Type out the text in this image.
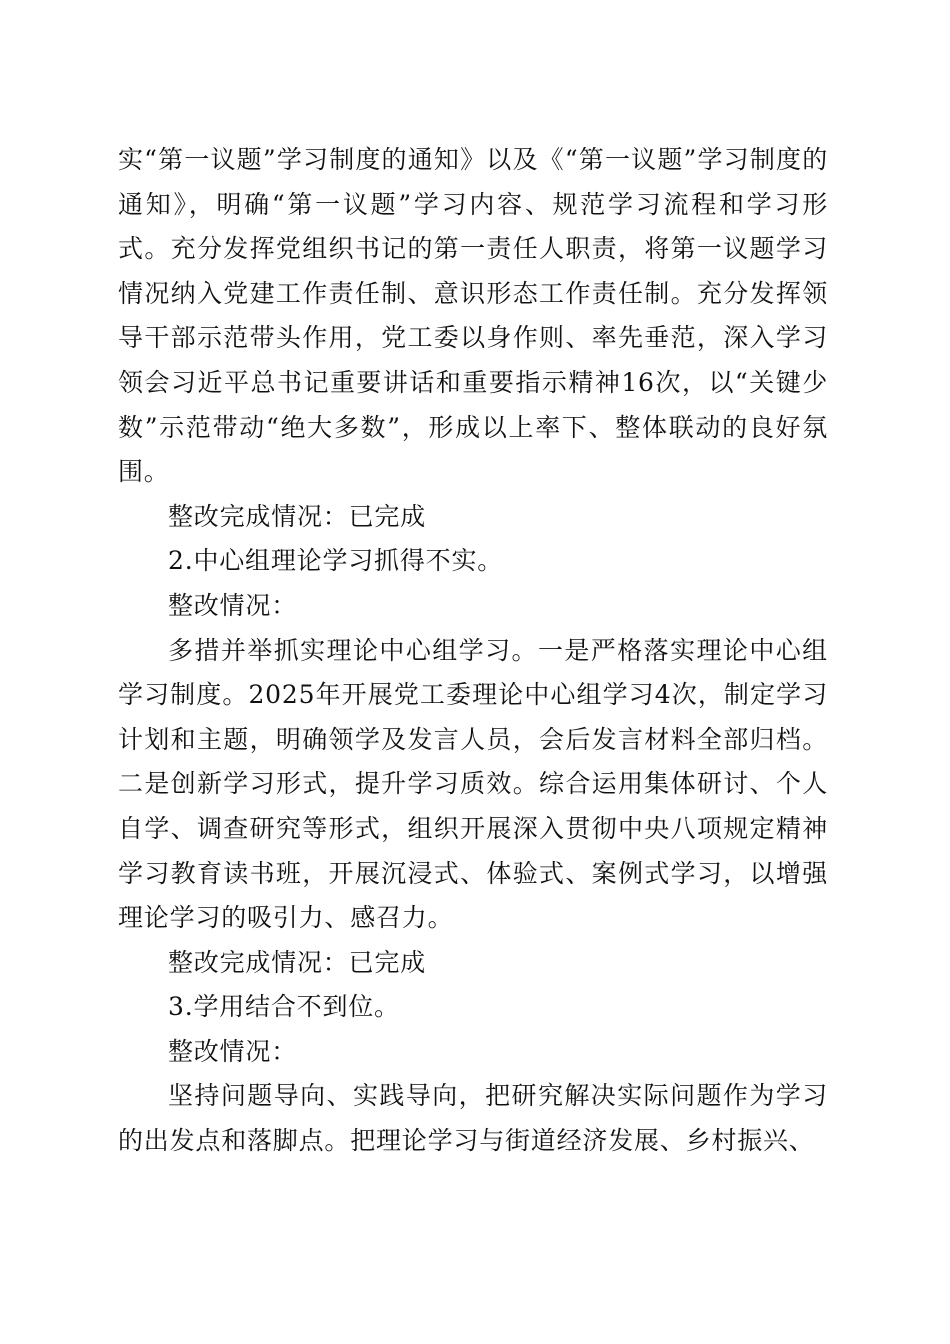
实“第一议题”学习制度的通知》以及《“第一议题”学习制度的通知》，明确“第一议题”学习内容、规范学习流程和学习形式。充分发挥党组织书记的第一责任人职责，将第一议题学习情况纳入党建工作责任制、意识形态工作责任制。充分发挥领导干部示范带头作用，党工委以身作则、率先垂范，深入学习领会习近平总书记重要讲话和重要指示精神16次，以“关键少数”示范带动“绝大多数”，形成以上率下、整体联动的良好氛围。

整改完成情况：已完成

2.中心组理论学习抓得不实。

整改情况：

多措并举抓实理论中心组学习。一是严格落实理论中心组学习制度。2025年开展党工委理论中心组学习4次，制定学习计划和主题，明确领学及发言人员，会后发言材料全部归档。二是创新学习形式，提升学习质效。综合运用集体研讨、个人自学、调查研究等形式，组织开展深入贯彻中央八项规定精神学习教育读书班，开展沉浸式、体验式、案例式学习，以增强理论学习的吸引力、感召力。

整改完成情况：已完成

3.学用结合不到位。

整改情况：

坚持问题导向、实践导向，把研究解决实际问题作为学习的出发点和落脚点。把理论学习与街道经济发展、乡村振兴、
